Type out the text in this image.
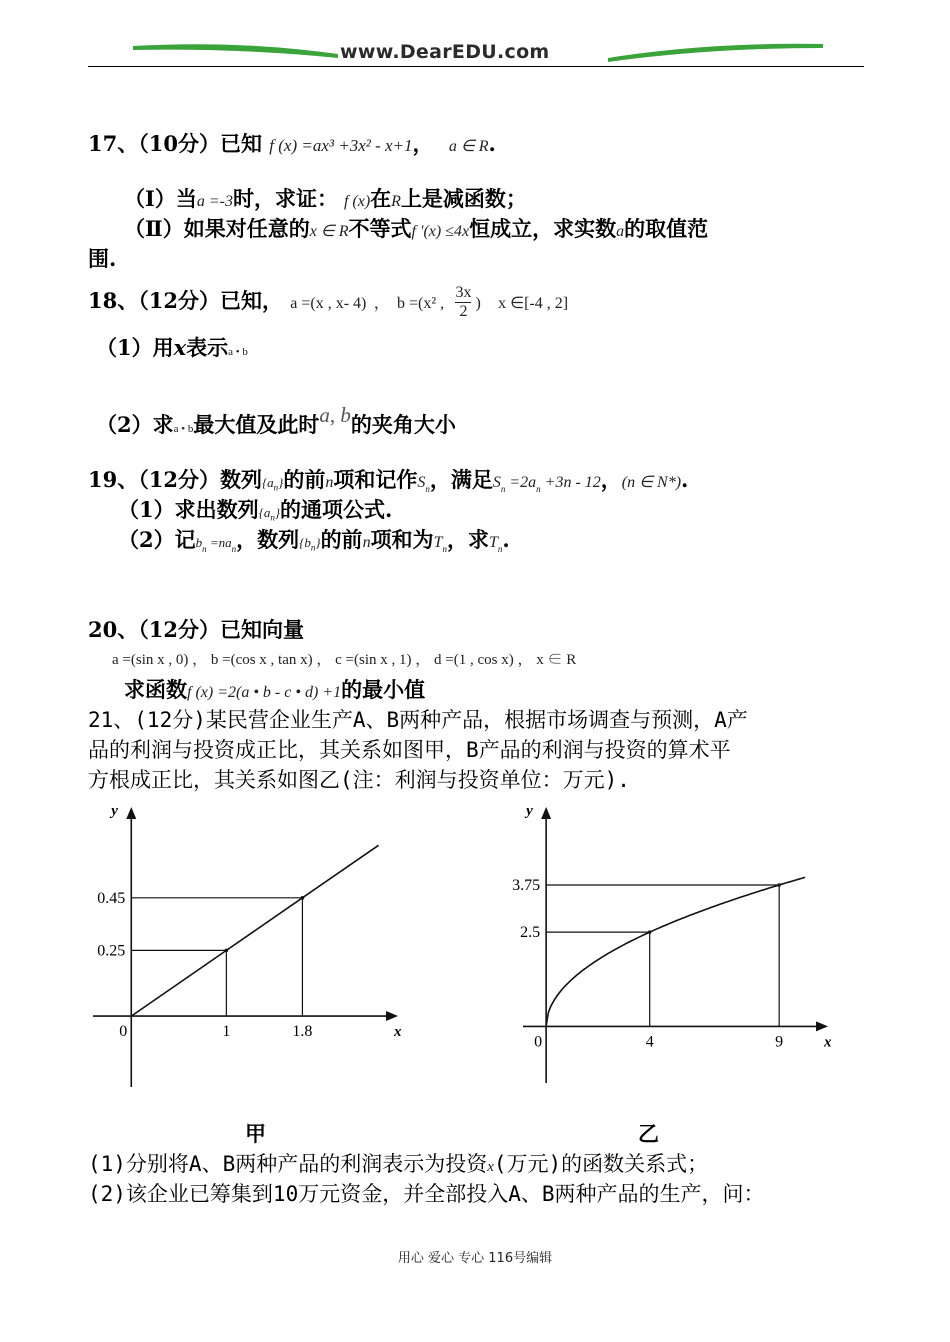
www.DearEDU.com
17、（10分）已知 f (x) =ax³ +3x² - x+1， a ∈ R.
（Ⅰ）当a =-3时，求证： f (x)在R上是减函数；
（Ⅱ）如果对任意的x ∈ R不等式f ′(x) ≤4x恒成立，求实数a的取值范
围.
18、（12分）已知， a =(x , x- 4) ， b =(x² , $\frac{3x}{2}$ ) x ∈[-4 , 2]
（1）用x表示a • b
（2）求a • b最大值及此时a, b的夹角大小
19、（12分）数列$\{a_n\}$的前n项和记作$S_n$，满足$S_n =2a_n +3n - 12$，(n ∈ N*).
（1）求出数列$\{a_n\}$的通项公式.
（2）记$b_n =na_n$，数列$\{b_n\}$的前n项和为$T_n$，求$T_n$.
20、（12分）已知向量
a =(sin x , 0) ， b =(cos x , tan x) ， c =(sin x , 1) ， d =(1 , cos x) ， x ∈ R
求函数f (x) =2(a • b - c • d) +1的最小值
21、(12分)某民营企业生产A、B两种产品，根据市场调查与预测，A产
品的利润与投资成正比，其关系如图甲，B产品的利润与投资的算术平
方根成正比，其关系如图乙(注：利润与投资单位：万元).
y
x
1
0.25
1.8
0.45
0
y
x
4
2.5
9
3.75
0
甲	乙
(1)分别将A、B两种产品的利润表示为投资x(万元)的函数关系式；
(2)该企业已筹集到10万元资金，并全部投入A、B两种产品的生产，问：
用心 爱心 专心 116号编辑
